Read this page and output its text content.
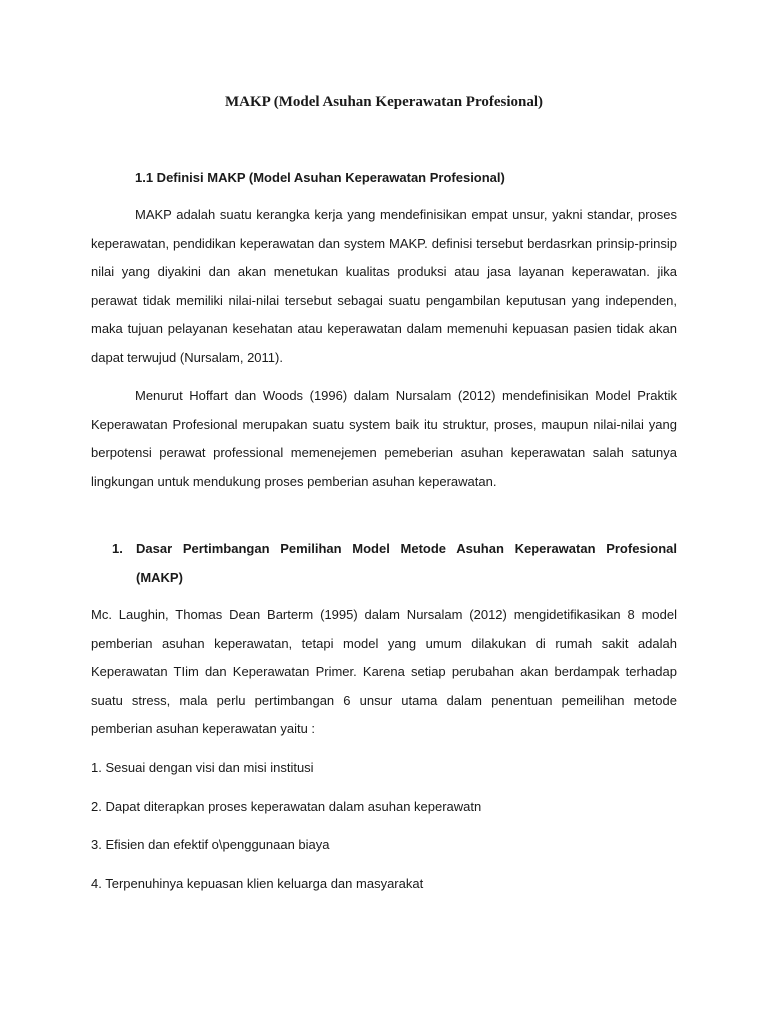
MAKP (Model Asuhan Keperawatan Profesional)
1.1 Definisi MAKP (Model Asuhan Keperawatan Profesional)

MAKP adalah suatu kerangka kerja yang mendefinisikan empat unsur, yakni standar, proses keperawatan, pendidikan keperawatan dan system MAKP. definisi tersebut berdasrkan prinsip-prinsip nilai yang diyakini dan akan menetukan kualitas produksi atau jasa layanan keperawatan. jika perawat tidak memiliki nilai-nilai tersebut sebagai suatu pengambilan keputusan yang independen, maka tujuan pelayanan kesehatan atau keperawatan dalam memenuhi kepuasan pasien tidak akan dapat terwujud (Nursalam, 2011).

Menurut Hoffart dan Woods (1996) dalam Nursalam (2012) mendefinisikan Model Praktik Keperawatan Profesional merupakan suatu system baik itu struktur, proses, maupun nilai-nilai yang berpotensi perawat professional memenejemen pemeberian asuhan keperawatan salah satunya lingkungan untuk mendukung proses pemberian asuhan keperawatan.

1. Dasar Pertimbangan Pemilihan Model Metode Asuhan Keperawatan Profesional (MAKP)

Mc. Laughin, Thomas Dean Barterm (1995) dalam Nursalam (2012) mengidetifikasikan 8 model pemberian asuhan keperawatan, tetapi model yang umum dilakukan di rumah sakit adalah Keperawatan TIim dan Keperawatan Primer. Karena setiap perubahan akan berdampak terhadap suatu stress, mala perlu pertimbangan 6 unsur utama dalam penentuan pemeilihan metode pemberian asuhan keperawatan yaitu :

1. Sesuai dengan visi dan misi institusi
2. Dapat diterapkan proses keperawatan dalam asuhan keperawatn
3. Efisien dan efektif o\penggunaan biaya
4. Terpenuhinya kepuasan klien keluarga dan masyarakat
